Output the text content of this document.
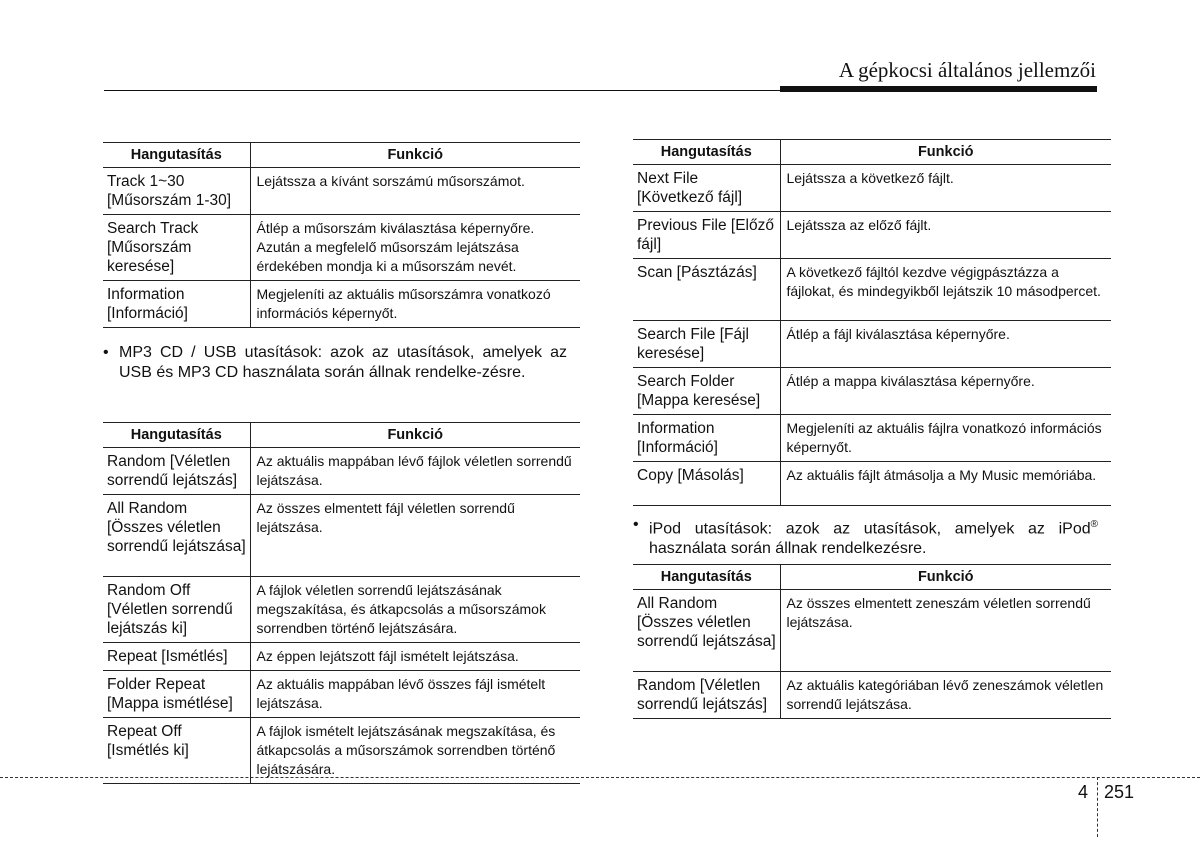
A gépkocsi általános jellemzői
Hangutasítás	Funkció
Track 1~30 [Műsorszám 1-30]	Lejátssza a kívánt sorszámú műsorszámot.
Search Track [Műsorszám keresése]	Átlép a műsorszám kiválasztása képernyőre. Azután a megfelelő műsorszám lejátszása érdekében mondja ki a műsorszám nevét.
Information [Információ]	Megjeleníti az aktuális műsorszámra vonatkozó információs képernyőt.
• MP3 CD / USB utasítások: azok az utasítások, amelyek az USB és MP3 CD használata során állnak rendelke-zésre.
Hangutasítás	Funkció
Random [Véletlen sorrendű lejátszás]	Az aktuális mappában lévő fájlok véletlen sorrendű lejátszása.
All Random [Összes véletlen sorrendű lejátszása]	Az összes elmentett fájl véletlen sorrendű lejátszása.
Random Off [Véletlen sorrendű lejátszás ki]	A fájlok véletlen sorrendű lejátszásának megszakítása, és átkapcsolás a műsorszámok sorrendben történő lejátszására.
Repeat [Ismétlés]	Az éppen lejátszott fájl ismételt lejátszása.
Folder Repeat [Mappa ismétlése]	Az aktuális mappában lévő összes fájl ismételt lejátszása.
Repeat Off [Ismétlés ki]	A fájlok ismételt lejátszásának megszakítása, és átkapcsolás a műsorszámok sorrendben történő lejátszására.
Hangutasítás	Funkció
Next File [Következő fájl]	Lejátssza a következő fájlt.
Previous File [Előző fájl]	Lejátssza az előző fájlt.
Scan [Pásztázás]	A következő fájltól kezdve végigpásztázza a fájlokat, és mindegyikből lejátszik 10 másodpercet.
Search File [Fájl keresése]	Átlép a fájl kiválasztása képernyőre.
Search Folder [Mappa keresése]	Átlép a mappa kiválasztása képernyőre.
Information [Információ]	Megjeleníti az aktuális fájlra vonatkozó információs képernyőt.
Copy [Másolás]	Az aktuális fájlt átmásolja a My Music memóriába.
• iPod utasítások: azok az utasítások, amelyek az iPod® használata során állnak rendelkezésre.
Hangutasítás	Funkció
All Random [Összes véletlen sorrendű lejátszása]	Az összes elmentett zeneszám véletlen sorrendű lejátszása.
Random [Véletlen sorrendű lejátszás]	Az aktuális kategóriában lévő zeneszámok véletlen sorrendű lejátszása.
4 251
